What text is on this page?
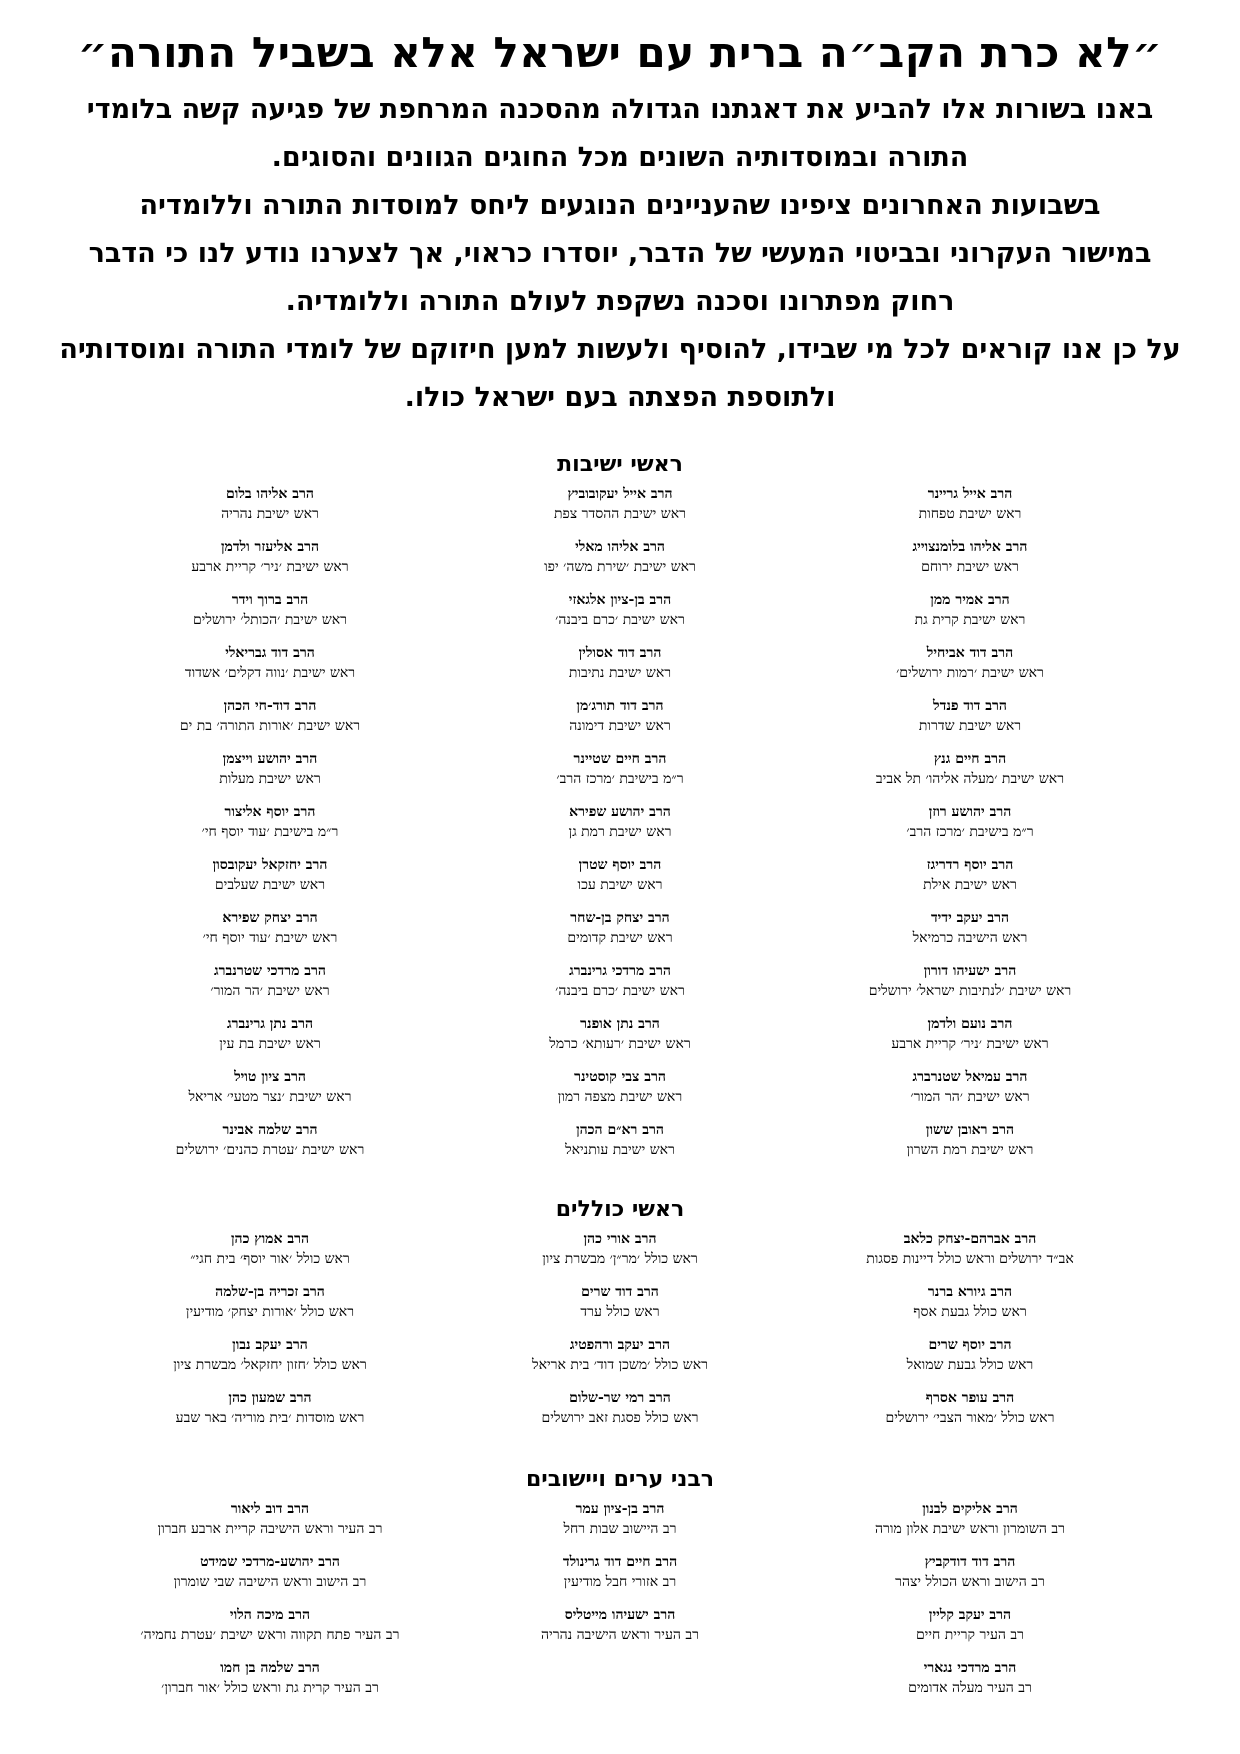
״לא כרת הקב״ה ברית עם ישראל אלא בשביל התורה״

באנו בשורות אלו להביע את דאגתנו הגדולה מהסכנה המרחפת של פגיעה קשה בלומדי

התורה ובמוסדותיה השונים מכל החוגים הגוונים והסוגים.

בשבועות האחרונים ציפינו שהעניינים הנוגעים ליחס למוסדות התורה וללומדיה

במישור העקרוני ובביטוי המעשי של הדבר, יוסדרו כראוי, אך לצערנו נודע לנו כי הדבר

רחוק מפתרונו וסכנה נשקפת לעולם התורה וללומדיה.

על כן אנו קוראים לכל מי שבידו, להוסיף ולעשות למען חיזוקם של לומדי התורה ומוסדותיה

ולתוספת הפצתה בעם ישראל כולו.

ראשי ישיבות
הרב אייל גריינר
ראש ישיבת טפחות
הרב אייל יעקובוביץ
ראש ישיבת ההסדר צפת
הרב אליהו בלום
ראש ישיבת נהריה
הרב אליהו בלומנצוייג
ראש ישיבת ירוחם
הרב אליהו מאלי
ראש ישיבת ׳שירת משה׳ יפו
הרב אליעזר ולדמן
ראש ישיבת ׳ניר׳ קריית ארבע
הרב אמיר ממן
ראש ישיבת קרית גת
הרב בן-ציון אלגאזי
ראש ישיבת ׳כרם ביבנה׳
הרב ברוך וידר
ראש ישיבת ׳הכותל׳ ירושלים
הרב דוד אביחיל
ראש ישיבת ׳רמות ירושלים׳
הרב דוד אסולין
ראש ישיבת נתיבות
הרב דוד גבריאלי
ראש ישיבת ׳נווה דקלים׳ אשדוד
הרב דוד פנדל
ראש ישיבת שדרות
הרב דוד תורג׳מן
ראש ישיבת דימונה
הרב דוד-חי הכהן
ראש ישיבת ׳אורות התורה׳ בת ים
הרב חיים גנץ
ראש ישיבת ׳מעלה אליהו׳ תל אביב
הרב חיים שטיינר
ר״מ בישיבת ׳מרכז הרב׳
הרב יהושע וייצמן
ראש ישיבת מעלות
הרב יהושע רוזן
ר״מ בישיבת ׳מרכז הרב׳
הרב יהושע שפירא
ראש ישיבת רמת גן
הרב יוסף אליצור
ר״מ בישיבת ׳עוד יוסף חי׳
הרב יוסף רדריגז
ראש ישיבת אילת
הרב יוסף שטרן
ראש ישיבת עכו
הרב יחזקאל יעקובסון
ראש ישיבת שעלבים
הרב יעקב ידיד
ראש הישיבה כרמיאל
הרב יצחק בן-שחר
ראש ישיבת קדומים
הרב יצחק שפירא
ראש ישיבת ׳עוד יוסף חי׳
הרב ישעיהו דורון
ראש ישיבת ׳לנתיבות ישראל׳ ירושלים
הרב מרדכי גרינברג
ראש ישיבת ׳כרם ביבנה׳
הרב מרדכי שטרנברג
ראש ישיבת ׳הר המור׳
הרב נועם ולדמן
ראש ישיבת ׳ניר׳ קריית ארבע
הרב נתן אופנר
ראש ישיבת ׳רעותא׳ כרמל
הרב נתן גרינברג
ראש ישיבת בת עין
הרב עמיאל שטנרברג
ראש ישיבת ׳הר המור׳
הרב צבי קוסטינר
ראש ישיבת מצפה רמון
הרב ציון טויל
ראש ישיבת ׳נצר מטעי׳ אריאל
הרב ראובן ששון
ראש ישיבת רמת השרון
הרב רא״ם הכהן
ראש ישיבת עותניאל
הרב שלמה אבינר
ראש ישיבת ׳עטרת כהנים׳ ירושלים
ראשי כוללים
הרב אברהם-יצחק כלאב
אב״ד ירושלים וראש כולל דיינות פסגות
הרב אורי כהן
ראש כולל ׳מר״ן׳ מבשרת ציון
הרב אמוץ כהן
ראש כולל ׳אור יוסף׳ בית חגי״
הרב גיורא ברנר
ראש כולל גבעת אסף
הרב דוד שרים
ראש כולל ערד
הרב זכריה בן-שלמה
ראש כולל ׳אורות יצחק׳ מודיעין
הרב יוסף שרים
ראש כולל גבעת שמואל
הרב יעקב ורהפטיג
ראש כולל ׳משכן דוד׳ בית אריאל
הרב יעקב נבון
ראש כולל ׳חזון יחזקאל׳ מבשרת ציון
הרב עופר אסרף
ראש כולל ׳מאור הצבי׳ ירושלים
הרב רמי שר-שלום
ראש כולל פסגת זאב ירושלים
הרב שמעון כהן
ראש מוסדות ׳בית מוריה׳ באר שבע
רבני ערים ויישובים
הרב אליקים לבנון
רב השומרון וראש ישיבת אלון מורה
הרב בן-ציון עמר
רב היישוב שבות רחל
הרב דוב ליאור
רב העיר וראש הישיבה קריית ארבע חברון
הרב דוד דודקביץ
רב הישוב וראש הכולל יצהר
הרב חיים דוד גרינולד
רב אזורי חבל מודיעין
הרב יהושע-מרדכי שמידט
רב הישוב וראש הישיבה שבי שומרון
הרב יעקב קליין
רב העיר קריית חיים
הרב ישעיהו מייטליס
רב העיר וראש הישיבה נהריה
הרב מיכה הלוי
רב העיר פתח תקווה וראש ישיבת ׳עטרת נחמיה׳
הרב מרדכי נגארי
רב העיר מעלה אדומים
הרב שלמה בן חמו
רב העיר קרית גת וראש כולל ׳אור חברון׳
